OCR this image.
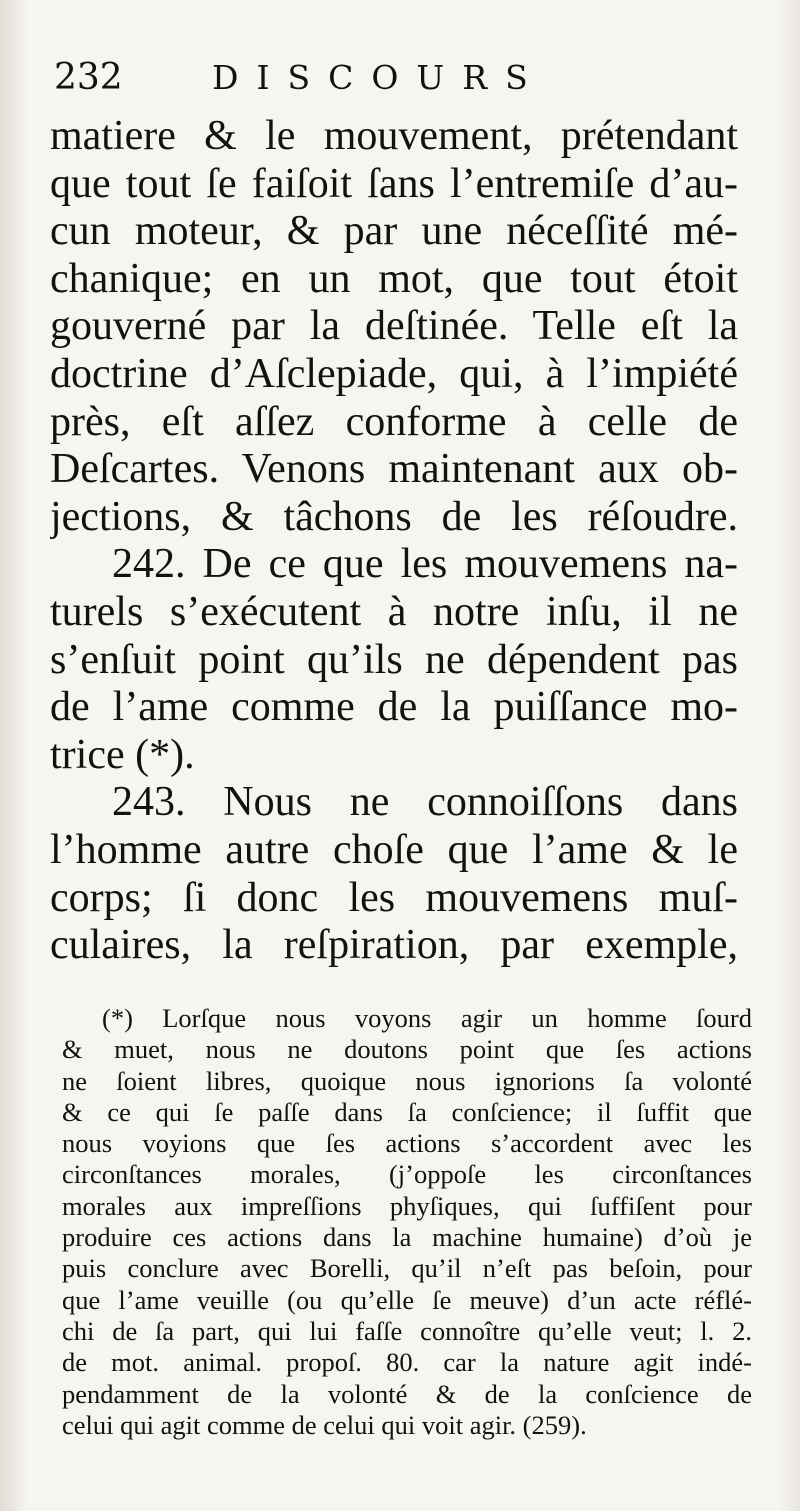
232	DISCOURS
matiere & le mouvement, prétendant
que tout ſe faiſoit ſans l’entremiſe d’au-
cun moteur, & par une néceſſité mé-
chanique; en un mot, que tout étoit
gouverné par la deſtinée. Telle eſt la
doctrine d’Aſclepiade, qui, à l’impiété
près, eſt aſſez conforme à celle de
Deſcartes. Venons maintenant aux ob-
jections, & tâchons de les réſoudre.
242. De ce que les mouvemens na-
turels s’exécutent à notre inſu, il ne
s’enſuit point qu’ils ne dépendent pas
de l’ame comme de la puiſſance mo-
trice (*).
243. Nous ne connoiſſons dans
l’homme autre choſe que l’ame & le
corps; ſi donc les mouvemens muſ-
culaires, la reſpiration, par exemple,
(*) Lorſque nous voyons agir un homme ſourd
& muet, nous ne doutons point que ſes actions
ne ſoient libres, quoique nous ignorions ſa volonté
& ce qui ſe paſſe dans ſa conſcience; il ſuffit que
nous voyions que ſes actions s’accordent avec les
circonſtances morales, (j’oppoſe les circonſtances
morales aux impreſſions phyſiques, qui ſuffiſent pour
produire ces actions dans la machine humaine) d’où je
puis conclure avec Borelli, qu’il n’eſt pas beſoin, pour
que l’ame veuille (ou qu’elle ſe meuve) d’un acte réflé-
chi de ſa part, qui lui faſſe connoître qu’elle veut; l. 2.
de mot. animal. propoſ. 80. car la nature agit indé-
pendamment de la volonté & de la conſcience de
celui qui agit comme de celui qui voit agir. (259).
